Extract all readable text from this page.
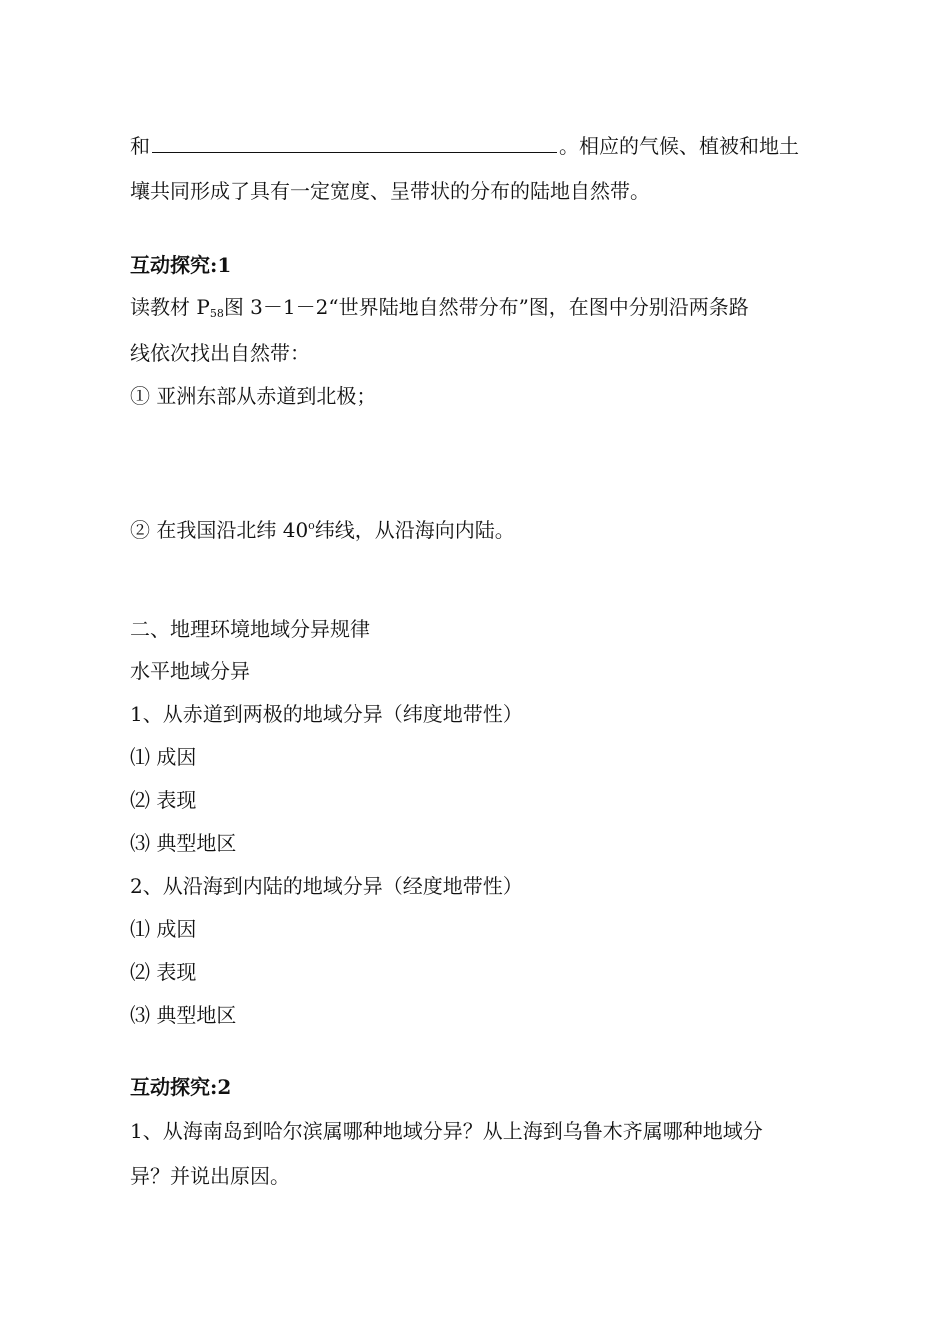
和	。相应的气候、植被和地土
壤共同形成了具有一定宽度、呈带状的分布的陆地自然带。
互动探究:1
读教材 $P_{58}$图 3－1－2“世界陆地自然带分布”图，在图中分别沿两条路
线依次找出自然带：
① 亚洲东部从赤道到北极；
② 在我国沿北纬 40$^o$纬线，从沿海向内陆。
二、地理环境地域分异规律
水平地域分异
1、从赤道到两极的地域分异（纬度地带性）
⑴ 成因
⑵ 表现
⑶ 典型地区
2、从沿海到内陆的地域分异（经度地带性）
⑴ 成因
⑵ 表现
⑶ 典型地区
互动探究:2
1、从海南岛到哈尔滨属哪种地域分异？从上海到乌鲁木齐属哪种地域分
异？并说出原因。
